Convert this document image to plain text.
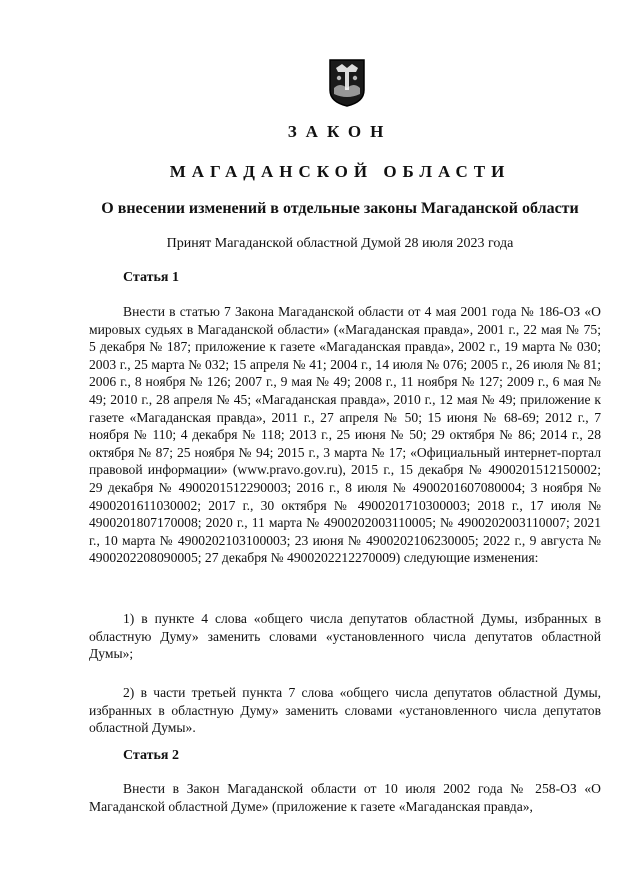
ЗАКОН
МАГАДАНСКОЙ ОБЛАСТИ
О внесении изменений в отдельные законы Магаданской области
Принят Магаданской областной Думой 28 июля 2023 года
Статья 1

Внести в статью 7 Закона Магаданской области от 4 мая 2001 года № 186-ОЗ «О мировых судьях в Магаданской области» («Магаданская правда», 2001 г., 22 мая № 75; 5 декабря № 187; приложение к газете «Магаданская правда», 2002 г., 19 марта № 030; 2003 г., 25 марта № 032; 15 апреля № 41; 2004 г., 14 июля № 076; 2005 г., 26 июля № 81; 2006 г., 8 ноября № 126; 2007 г., 9 мая № 49; 2008 г., 11 ноября № 127; 2009 г., 6 мая № 49; 2010 г., 28 апреля № 45; «Магаданская правда», 2010 г., 12 мая № 49; приложение к газете «Магаданская правда», 2011 г., 27 апреля № 50; 15 июня № 68-69; 2012 г., 7 ноября № 110; 4 декабря № 118; 2013 г., 25 июня № 50; 29 октября № 86; 2014 г., 28 октября № 87; 25 ноября № 94; 2015 г., 3 марта № 17; «Официальный интернет-портал правовой информации» (www.pravo.gov.ru), 2015 г., 15 декабря № 4900201512150002; 29 декабря № 4900201512290003; 2016 г., 8 июля № 4900201607080004; 3 ноября № 4900201611030002; 2017 г., 30 октября № 4900201710300003; 2018 г., 17 июля № 4900201807170008; 2020 г., 11 марта № 4900202003110005; № 4900202003110007; 2021 г., 10 марта № 4900202103100003; 23 июня № 4900202106230005; 2022 г., 9 августа № 4900202208090005; 27 декабря № 4900202212270009) следующие изменения:

1) в пункте 4 слова «общего числа депутатов областной Думы, избранных в областную Думу» заменить словами «установленного числа депутатов областной Думы»;

2) в части третьей пункта 7 слова «общего числа депутатов областной Думы, избранных в областную Думу» заменить словами «установленного числа депутатов областной Думы».

Статья 2

Внести в Закон Магаданской области от 10 июля 2002 года № 258-ОЗ «О Магаданской областной Думе» (приложение к газете «Магаданская правда»,
